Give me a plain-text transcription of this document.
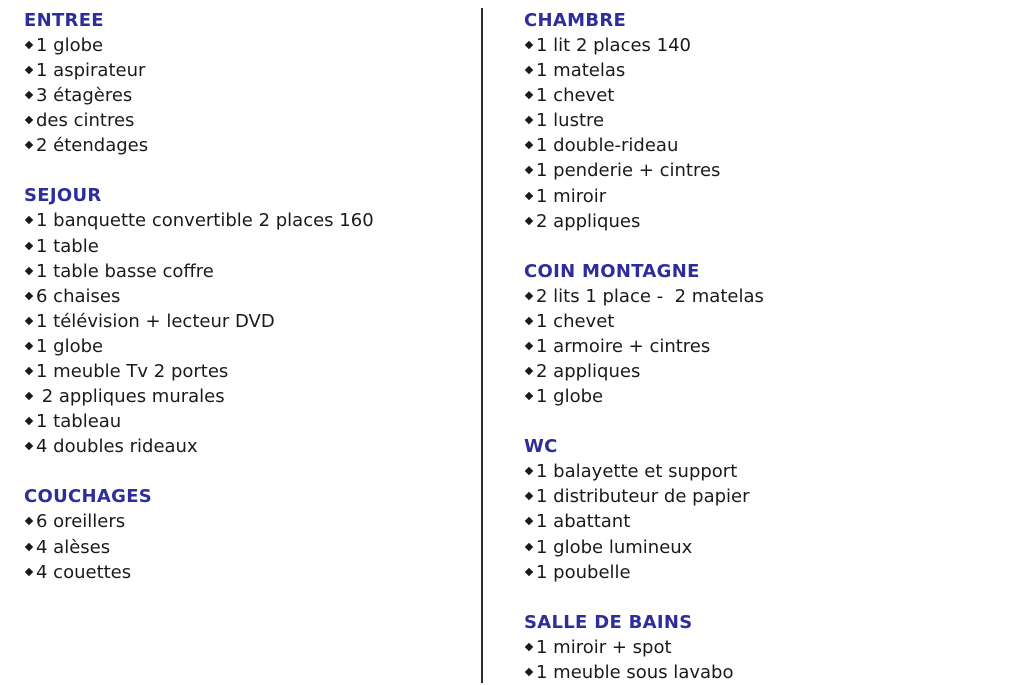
ENTREE
1 globe
1 aspirateur
3 étagères
des cintres
2 étendages
SEJOUR
1 banquette convertible 2 places 160
1 table
1 table basse coffre
6 chaises
1 télévision + lecteur DVD
1 globe
1 meuble Tv 2 portes
2 appliques murales
1 tableau
4 doubles rideaux
COUCHAGES
6 oreillers
4 alèses
4 couettes
CHAMBRE
1 lit 2 places 140
1 matelas
1 chevet
1 lustre
1 double-rideau
1 penderie + cintres
1 miroir
2 appliques
COIN MONTAGNE
2 lits 1 place -  2 matelas
1 chevet
1 armoire + cintres
2 appliques
1 globe
WC
1 balayette et support
1 distributeur de papier
1 abattant
1 globe lumineux
1 poubelle
SALLE DE BAINS
1 miroir + spot
1 meuble sous lavabo
